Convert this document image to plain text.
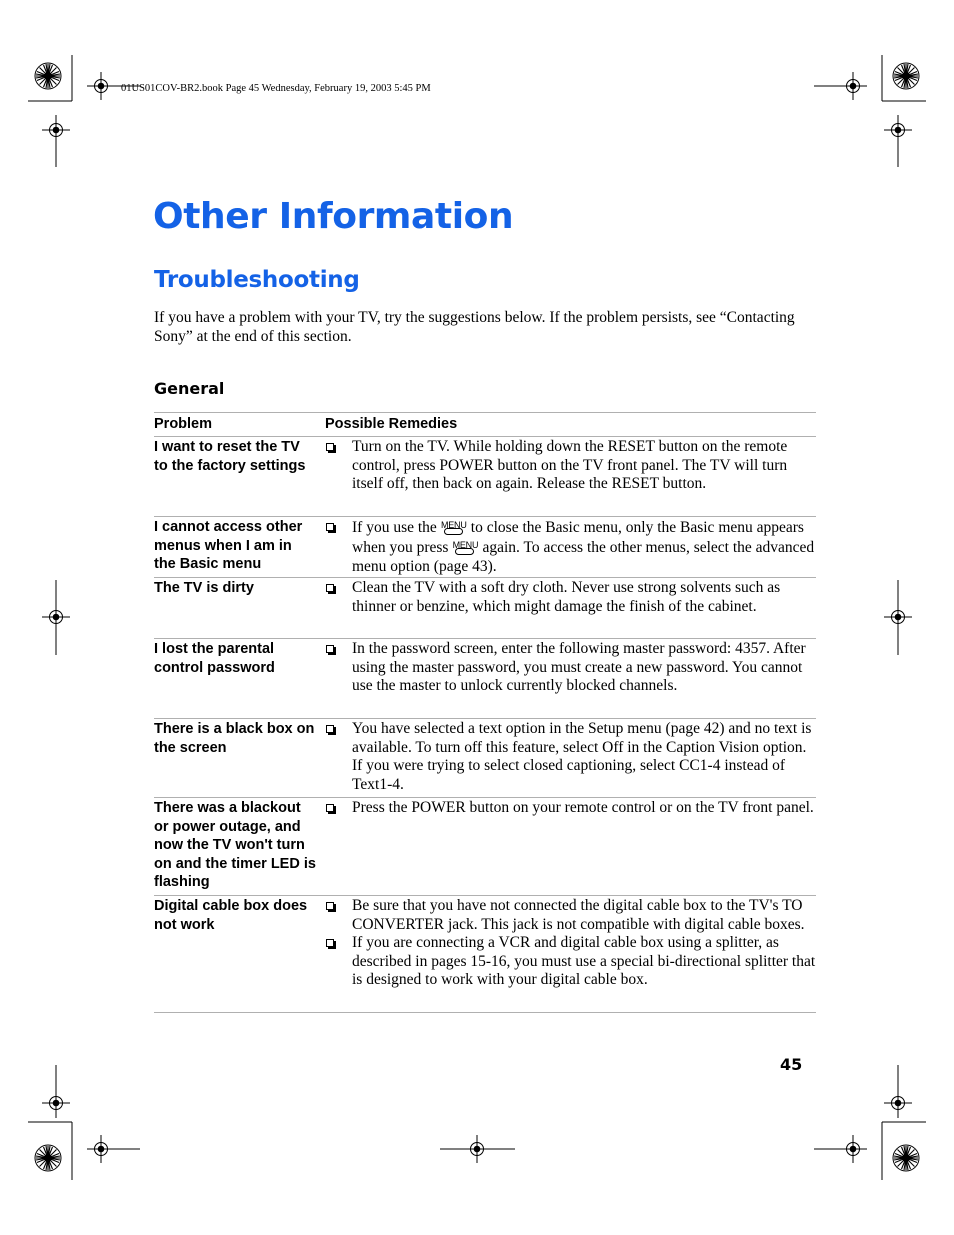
01US01COV-BR2.book Page 45 Wednesday, February 19, 2003 5:45 PM
Other Information
Troubleshooting

If you have a problem with your TV, try the suggestions below. If the problem persists, see “Contacting Sony” at the end of this section.

General
Problem	Possible Remedies
I want to reset the TV to the factory settings
Turn on the TV. While holding down the RESET button on the remote control, press POWER button on the TV front panel. The TV will turn itself off, then back on again. Release the RESET button.
I cannot access other menus when I am in the Basic menu
If you use the MENU to close the Basic menu, only the Basic menu appears when you press MENU again. To access the other menus, select the advanced menu option (page 43).
The TV is dirty	Clean the TV with a soft dry cloth. Never use strong solvents such as thinner or benzine, which might damage the finish of the cabinet.
I lost the parental control password
In the password screen, enter the following master password: 4357. After using the master password, you must create a new password. You cannot use the master to unlock currently blocked channels.
There is a black box on the screen
You have selected a text option in the Setup menu (page 42) and no text is available. To turn off this feature, select Off in the Caption Vision option. If you were trying to select closed captioning, select CC1-4 instead of Text1-4.
There was a blackout or power outage, and now the TV won't turn on and the timer LED is flashing
Press the POWER button on your remote control or on the TV front panel.
Digital cable box does not work
Be sure that you have not connected the digital cable box to the TV's TO CONVERTER jack. This jack is not compatible with digital cable boxes.
If you are connecting a VCR and digital cable box using a splitter, as described in pages 15-16, you must use a special bi-directional splitter that is designed to work with your digital cable box.
45
